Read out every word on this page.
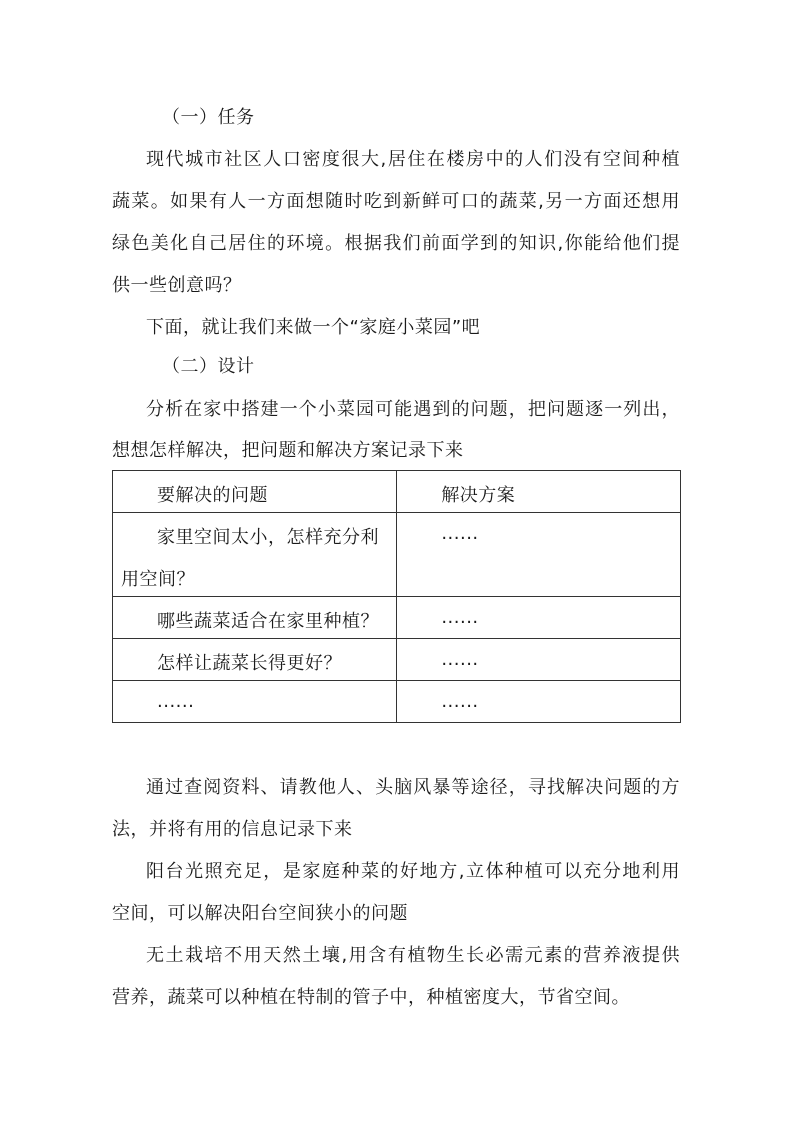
（一）任务
现代城市社区人口密度很大,居住在楼房中的人们没有空间种植
蔬菜。如果有人一方面想随时吃到新鲜可口的蔬菜,另一方面还想用
绿色美化自己居住的环境。根据我们前面学到的知识,你能给他们提
供一些创意吗？
下面，就让我们来做一个“家庭小菜园”吧
（二）设计
分析在家中搭建一个小菜园可能遇到的问题，把问题逐一列出，
想想怎样解决，把问题和解决方案记录下来
要解决的问题	解决方案

家里空间太小，怎样充分利
用空间？	......

哪些蔬菜适合在家里种植？	......

怎样让蔬菜长得更好？	......

......	......
通过查阅资料、请教他人、头脑风暴等途径，寻找解决问题的方
法，并将有用的信息记录下来
阳台光照充足，是家庭种菜的好地方,立体种植可以充分地利用
空间，可以解决阳台空间狭小的问题
无土栽培不用天然土壤,用含有植物生长必需元素的营养液提供
营养，蔬菜可以种植在特制的管子中，种植密度大，节省空间。
